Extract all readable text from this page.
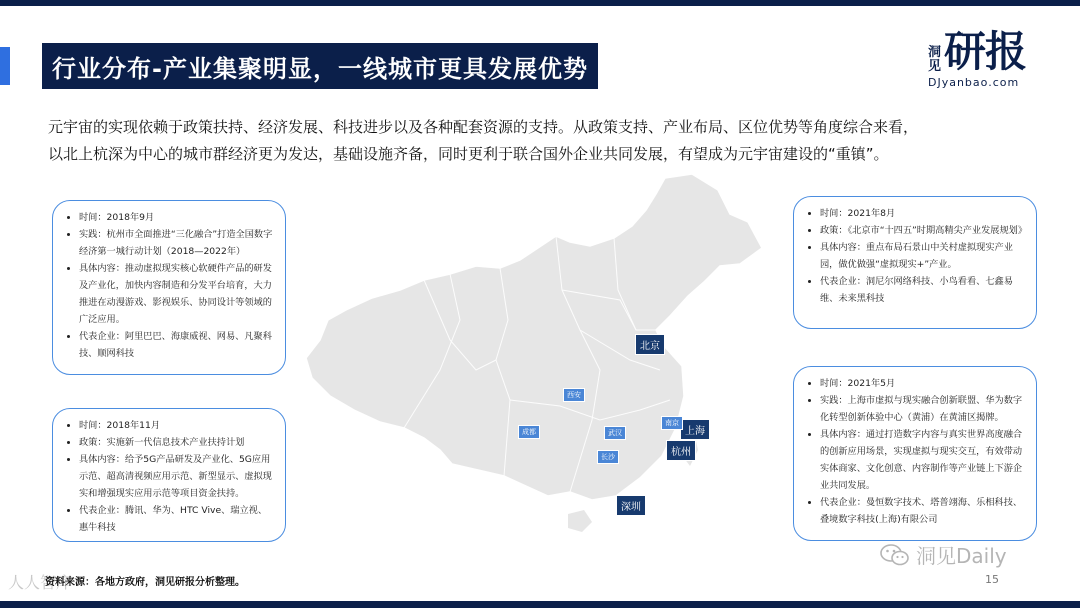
行业分布-产业集聚明显，一线城市更具发展优势
洞
见 研报
DJyanbao.com

元宇宙的实现依赖于政策扶持、经济发展、科技进步以及各种配套资源的支持。从政策支持、产业布局、区位优势等角度综合来看，

以北上杭深为中心的城市群经济更为发达，基础设施齐备，同时更利于联合国外企业共同发展，有望成为元宇宙建设的“重镇”。

北京
上海
杭州
深圳
西安
成都	武汉
长沙
南京
• 时间：2018年9月
• 实践：杭州市全面推进“三化融合”打造全国数字经济第一城行动计划（2018—2022年）
• 具体内容：推动虚拟现实核心软硬件产品的研发及产业化，加快内容制造和分发平台培育，大力推进在动漫游戏、影视娱乐、协同设计等领域的广泛应用。
• 代表企业：阿里巴巴、海康威视、网易、凡聚科技、顺网科技
• 时间：2018年11月
• 政策：实施新一代信息技术产业扶持计划
• 具体内容：给予5G产品研发及产业化、5G应用示范、超高清视频应用示范、新型显示、虚拟现实和增强现实应用示范等项目资金扶持。
• 代表企业：腾讯、华为、HTC Vive、瑞立视、惠牛科技
• 时间：2021年8月
• 政策：《北京市“十四五”时期高精尖产业发展规划》
• 具体内容：重点布局石景山中关村虚拟现实产业园，做优做强“虚拟现实+”产业。
• 代表企业：洞尼尔网络科技、小鸟看看、七鑫易维、未来黑科技
• 时间：2021年5月
• 实践：上海市虚拟与现实融合创新联盟、华为数字化转型创新体验中心（黄浦）在黄浦区揭牌。
• 具体内容：通过打造数字内容与真实世界高度融合的创新应用场景，实现虚拟与现实交互，有效带动实体商家、文化创意、内容制作等产业链上下游企业共同发展。
• 代表企业：曼恒数字技术、塔普翊海、乐相科技、叠境数字科技(上海)有限公司
人人智库
资料来源：各地方政府，洞见研报分析整理。
洞见Daily
15
